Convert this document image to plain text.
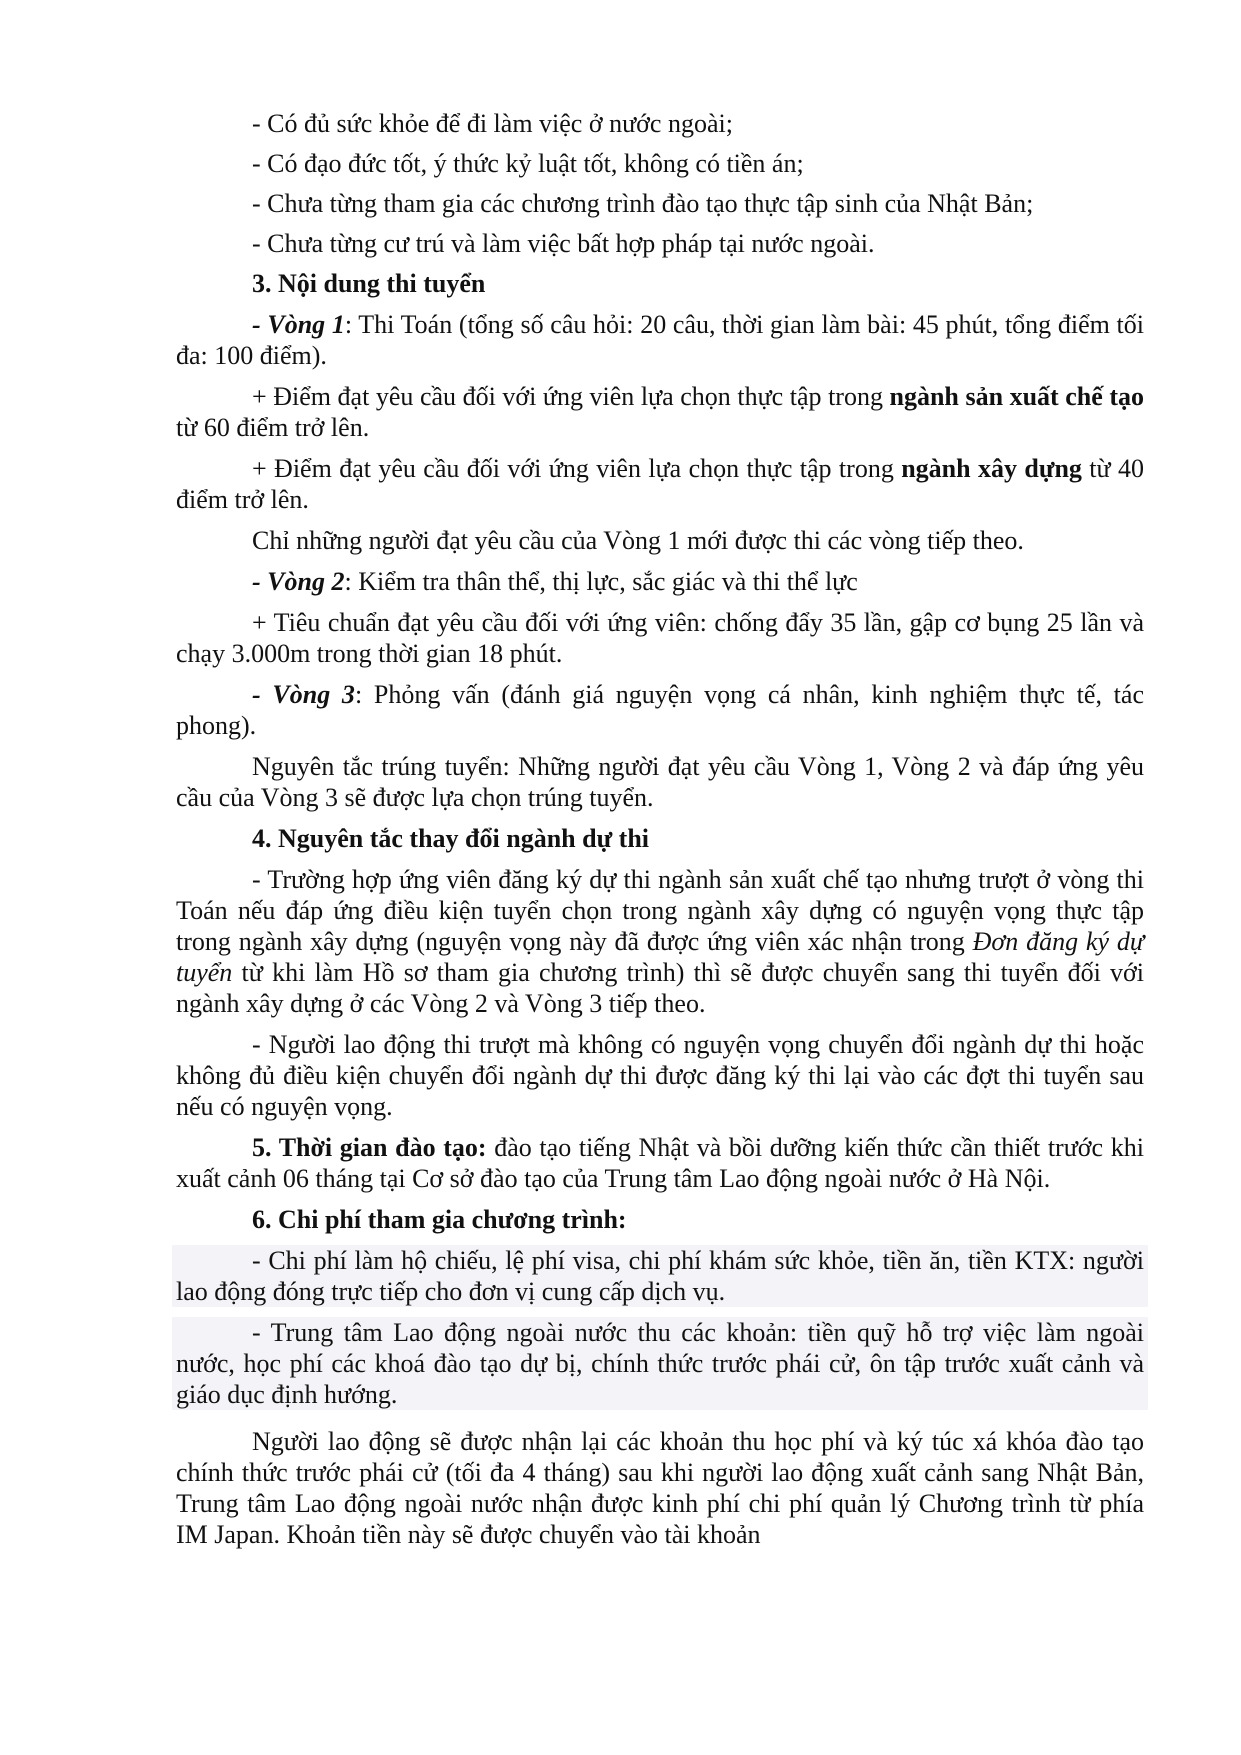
- Có đủ sức khỏe để đi làm việc ở nước ngoài;

- Có đạo đức tốt, ý thức kỷ luật tốt, không có tiền án;

- Chưa từng tham gia các chương trình đào tạo thực tập sinh của Nhật Bản;

- Chưa từng cư trú và làm việc bất hợp pháp tại nước ngoài.

3. Nội dung thi tuyển

- Vòng 1: Thi Toán (tổng số câu hỏi: 20 câu, thời gian làm bài: 45 phút, tổng điểm tối đa: 100 điểm).

+ Điểm đạt yêu cầu đối với ứng viên lựa chọn thực tập trong ngành sản xuất chế tạo từ 60 điểm trở lên.

+ Điểm đạt yêu cầu đối với ứng viên lựa chọn thực tập trong ngành xây dựng từ 40 điểm trở lên.

Chỉ những người đạt yêu cầu của Vòng 1 mới được thi các vòng tiếp theo.

- Vòng 2: Kiểm tra thân thể, thị lực, sắc giác và thi thể lực

+ Tiêu chuẩn đạt yêu cầu đối với ứng viên: chống đẩy 35 lần, gập cơ bụng 25 lần và chạy 3.000m trong thời gian 18 phút.

- Vòng 3: Phỏng vấn (đánh giá nguyện vọng cá nhân, kinh nghiệm thực tế, tác phong).

Nguyên tắc trúng tuyển: Những người đạt yêu cầu Vòng 1, Vòng 2 và đáp ứng yêu cầu của Vòng 3 sẽ được lựa chọn trúng tuyển.

4. Nguyên tắc thay đổi ngành dự thi

- Trường hợp ứng viên đăng ký dự thi ngành sản xuất chế tạo nhưng trượt ở vòng thi Toán nếu đáp ứng điều kiện tuyển chọn trong ngành xây dựng có nguyện vọng thực tập trong ngành xây dựng (nguyện vọng này đã được ứng viên xác nhận trong Đơn đăng ký dự tuyển từ khi làm Hồ sơ tham gia chương trình) thì sẽ được chuyển sang thi tuyển đối với ngành xây dựng ở các Vòng 2 và Vòng 3 tiếp theo.

- Người lao động thi trượt mà không có nguyện vọng chuyển đổi ngành dự thi hoặc không đủ điều kiện chuyển đổi ngành dự thi được đăng ký thi lại vào các đợt thi tuyển sau nếu có nguyện vọng.

5. Thời gian đào tạo: đào tạo tiếng Nhật và bồi dưỡng kiến thức cần thiết trước khi xuất cảnh 06 tháng tại Cơ sở đào tạo của Trung tâm Lao động ngoài nước ở Hà Nội.

6. Chi phí tham gia chương trình:

- Chi phí làm hộ chiếu, lệ phí visa, chi phí khám sức khỏe, tiền ăn, tiền KTX: người lao động đóng trực tiếp cho đơn vị cung cấp dịch vụ.

- Trung tâm Lao động ngoài nước thu các khoản: tiền quỹ hỗ trợ việc làm ngoài nước, học phí các khoá đào tạo dự bị, chính thức trước phái cử, ôn tập trước xuất cảnh và giáo dục định hướng.

Người lao động sẽ được nhận lại các khoản thu học phí và ký túc xá khóa đào tạo chính thức trước phái cử (tối đa 4 tháng) sau khi người lao động xuất cảnh sang Nhật Bản, Trung tâm Lao động ngoài nước nhận được kinh phí chi phí quản lý Chương trình từ phía IM Japan. Khoản tiền này sẽ được chuyển vào tài khoản
